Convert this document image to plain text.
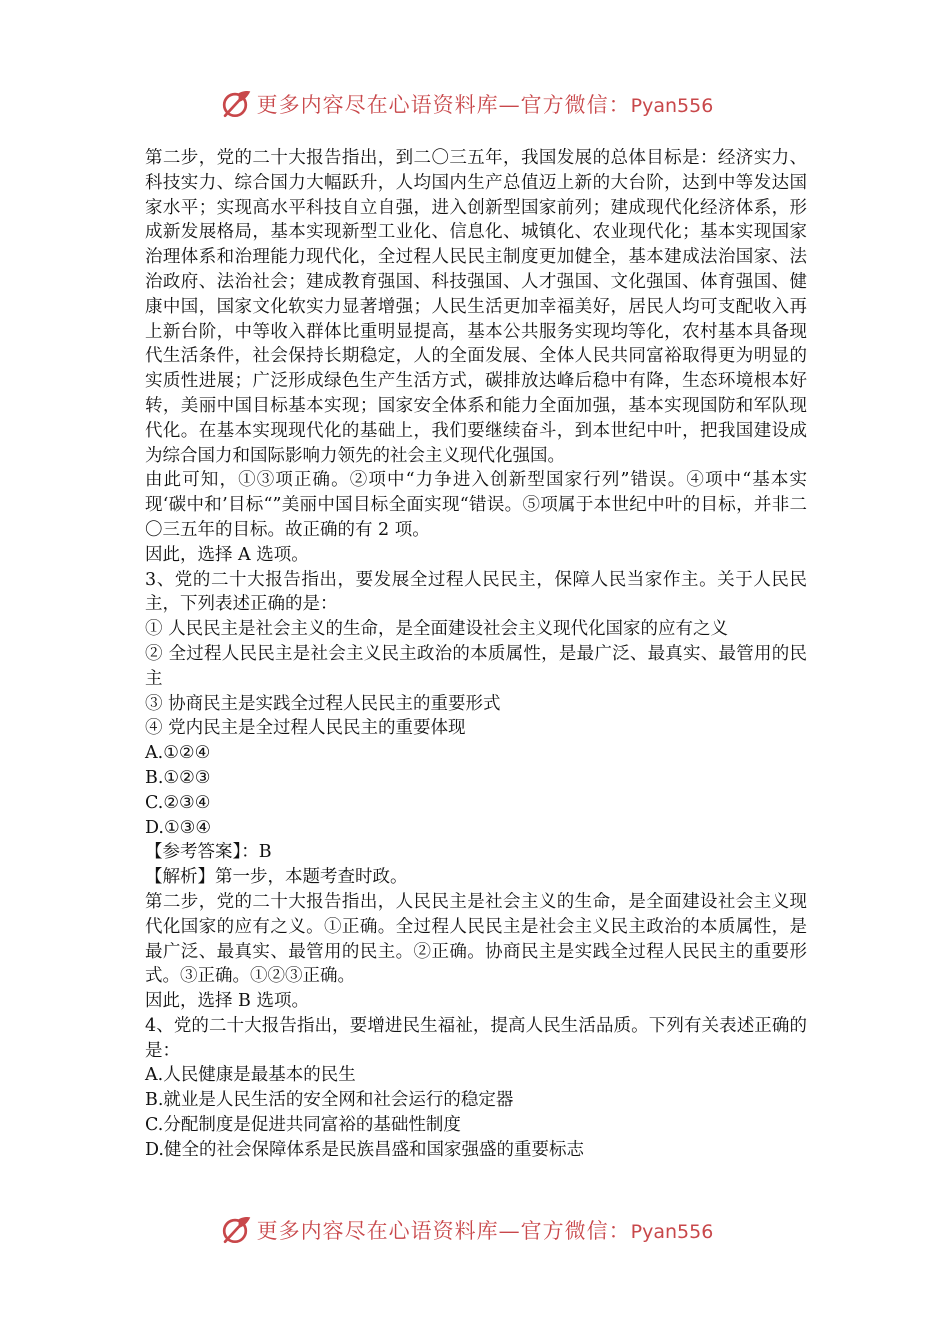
更多内容尽在心语资料库—官方微信：Pyan556

第二步，党的二十大报告指出，到二〇三五年，我国发展的总体目标是：经济实力、科技实力、综合国力大幅跃升，人均国内生产总值迈上新的大台阶，达到中等发达国家水平；实现高水平科技自立自强，进入创新型国家前列；建成现代化经济体系，形成新发展格局，基本实现新型工业化、信息化、城镇化、农业现代化；基本实现国家治理体系和治理能力现代化，全过程人民民主制度更加健全，基本建成法治国家、法治政府、法治社会；建成教育强国、科技强国、人才强国、文化强国、体育强国、健康中国，国家文化软实力显著增强；人民生活更加幸福美好，居民人均可支配收入再上新台阶，中等收入群体比重明显提高，基本公共服务实现均等化，农村基本具备现代生活条件，社会保持长期稳定，人的全面发展、全体人民共同富裕取得更为明显的实质性进展；广泛形成绿色生产生活方式，碳排放达峰后稳中有降，生态环境根本好转，美丽中国目标基本实现；国家安全体系和能力全面加强，基本实现国防和军队现代化。在基本实现现代化的基础上，我们要继续奋斗，到本世纪中叶，把我国建设成为综合国力和国际影响力领先的社会主义现代化强国。

由此可知，①③项正确。②项中“力争进入创新型国家行列”错误。④项中“基本实现‘碳中和’目标“”美丽中国目标全面实现“错误。⑤项属于本世纪中叶的目标，并非二〇三五年的目标。故正确的有 2 项。

因此，选择 A 选项。

3、党的二十大报告指出，要发展全过程人民民主，保障人民当家作主。关于人民民主，下列表述正确的是：

① 人民民主是社会主义的生命，是全面建设社会主义现代化国家的应有之义

② 全过程人民民主是社会主义民主政治的本质属性，是最广泛、最真实、最管用的民主

③ 协商民主是实践全过程人民民主的重要形式

④ 党内民主是全过程人民民主的重要体现

A.①②④

B.①②③

C.②③④

D.①③④

【参考答案】：B

【解析】第一步，本题考查时政。

第二步，党的二十大报告指出，人民民主是社会主义的生命，是全面建设社会主义现代化国家的应有之义。①正确。全过程人民民主是社会主义民主政治的本质属性，是最广泛、最真实、最管用的民主。②正确。协商民主是实践全过程人民民主的重要形式。③正确。①②③正确。

因此，选择 B 选项。

4、党的二十大报告指出，要增进民生福祉，提高人民生活品质。下列有关表述正确的是：

A.人民健康是最基本的民生

B.就业是人民生活的安全网和社会运行的稳定器

C.分配制度是促进共同富裕的基础性制度

D.健全的社会保障体系是民族昌盛和国家强盛的重要标志

更多内容尽在心语资料库—官方微信：Pyan556
